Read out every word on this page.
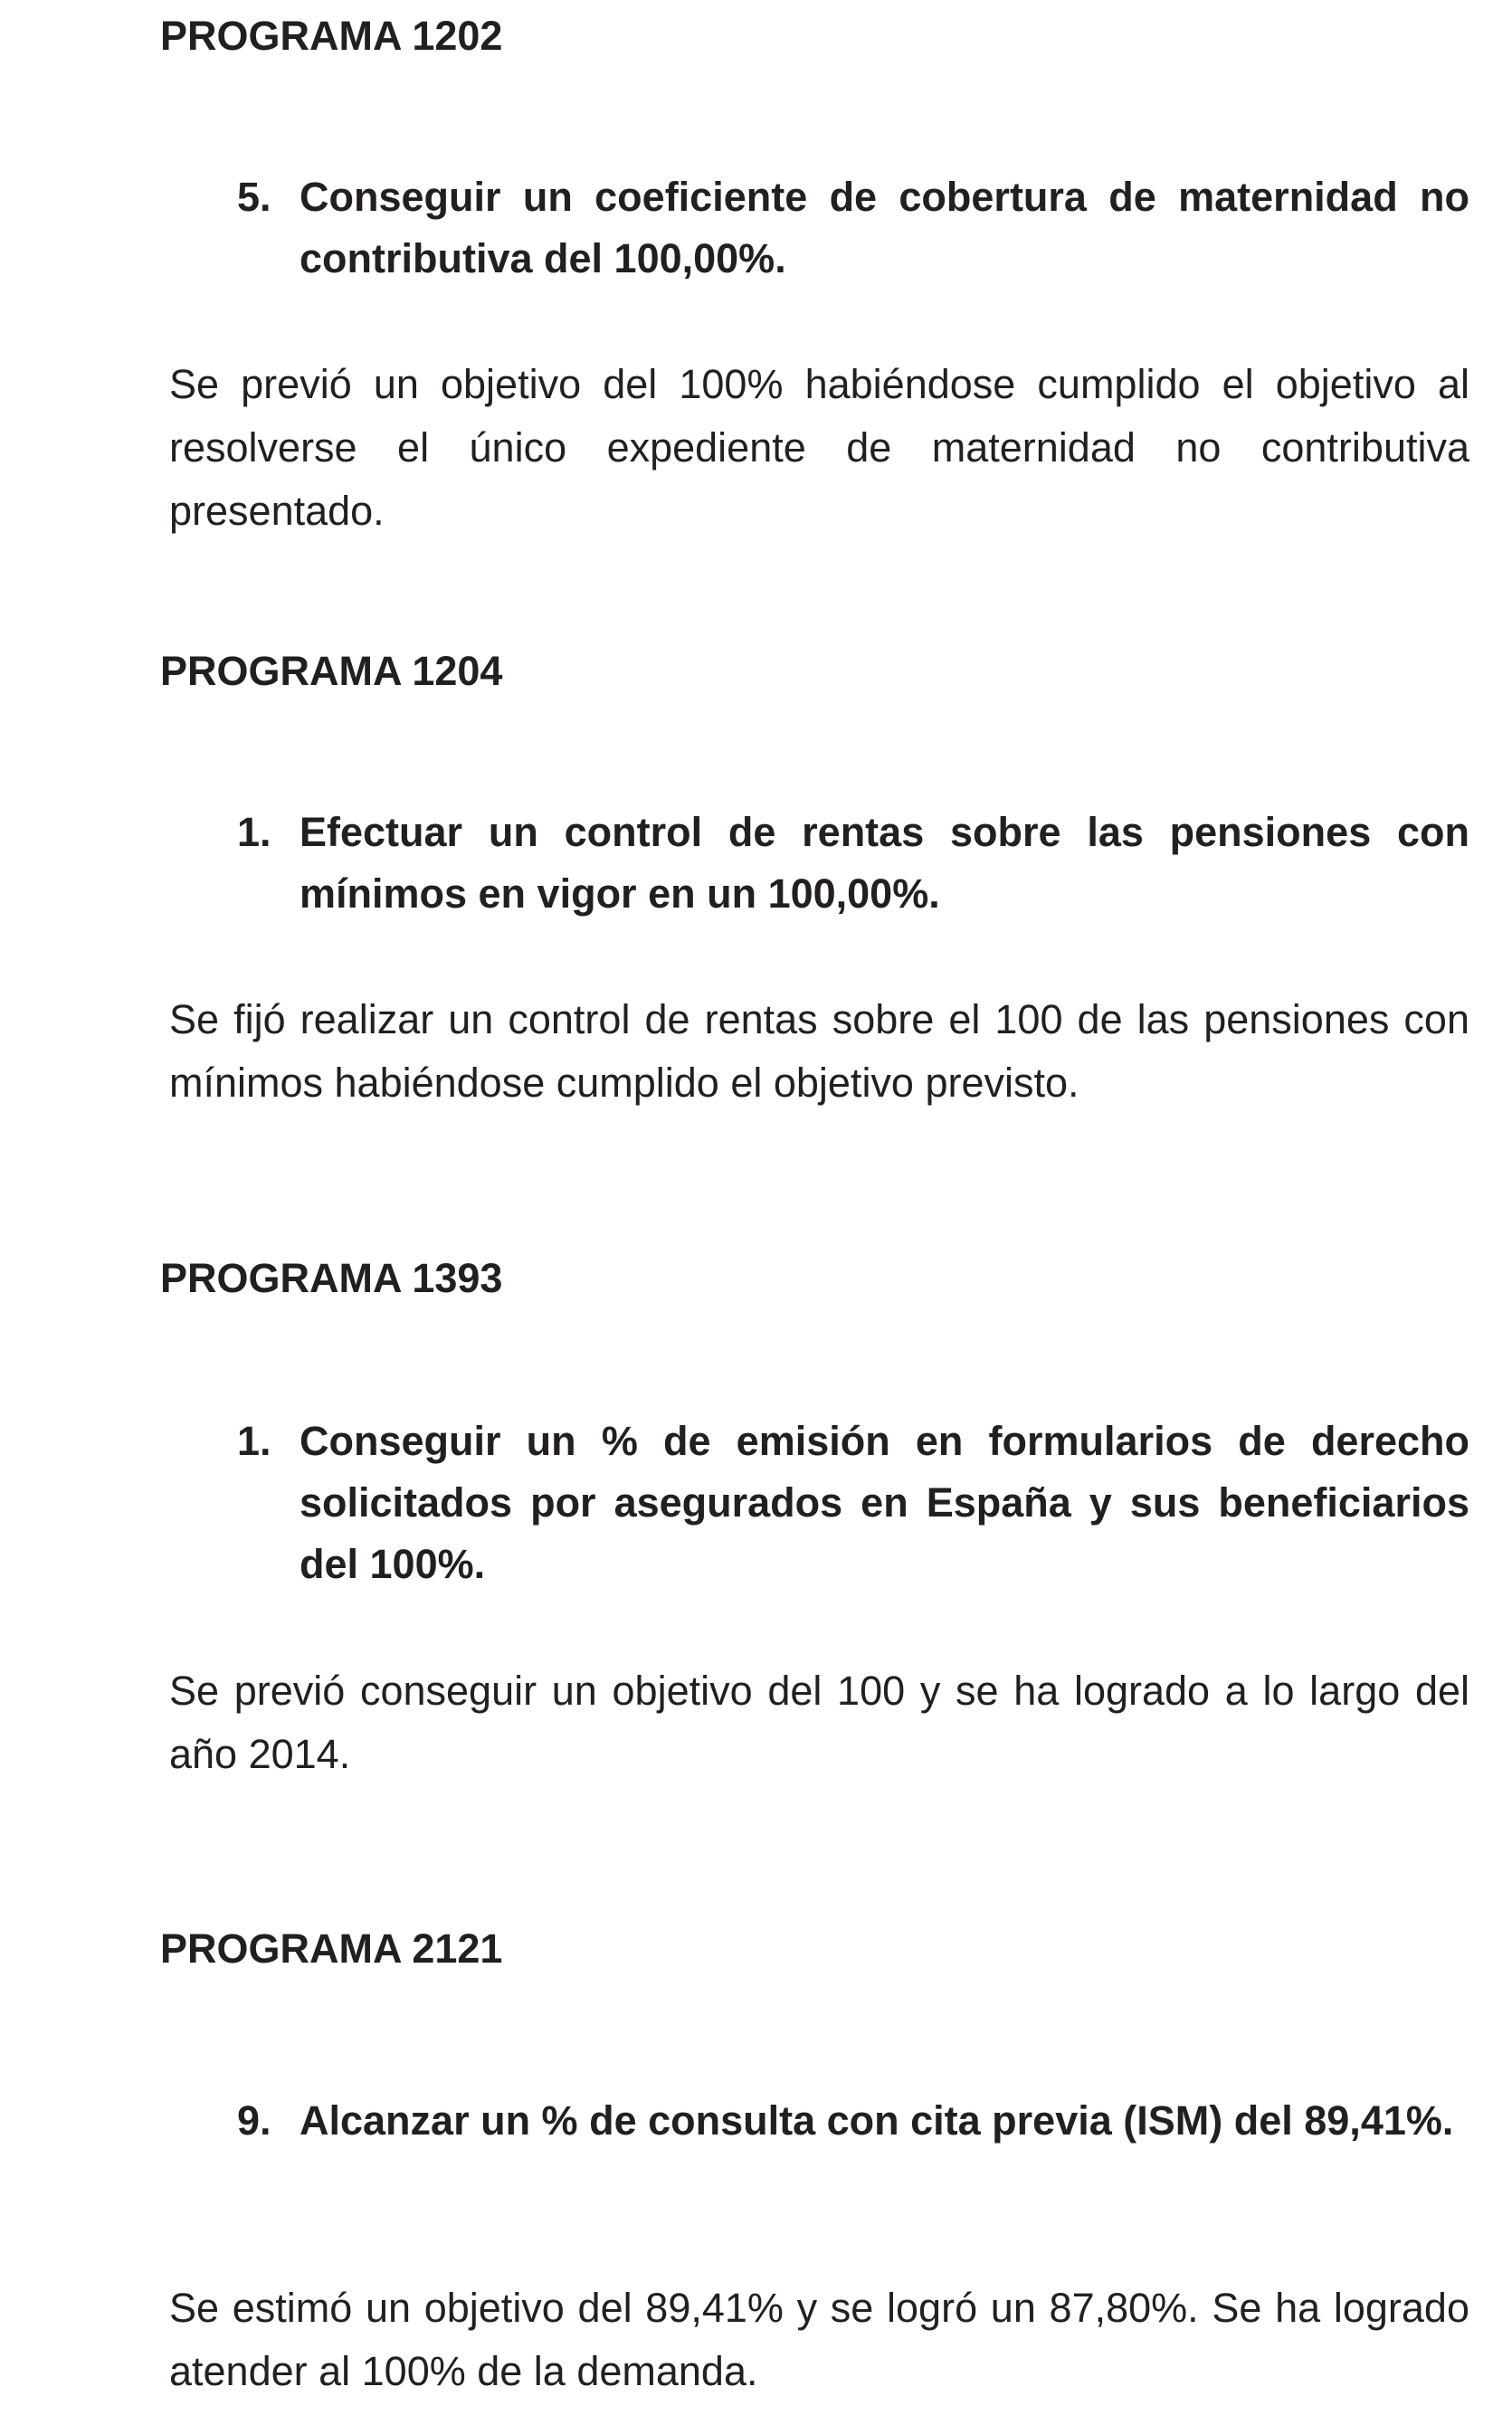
PROGRAMA 1202
5. Conseguir un coeficiente de cobertura de maternidad no contributiva del 100,00%.

Se previó un objetivo del 100% habiéndose cumplido el objetivo al resolverse el único expediente de maternidad no contributiva presentado.

PROGRAMA 1204
1. Efectuar un control de rentas sobre las pensiones con mínimos en vigor en un 100,00%.

Se fijó realizar un control de rentas sobre el 100 de las pensiones con mínimos habiéndose cumplido el objetivo previsto.

PROGRAMA 1393
1. Conseguir un % de emisión en formularios de derecho solicitados por asegurados en España y sus beneficiarios del 100%.

Se previó conseguir un objetivo del 100 y se ha logrado a lo largo del año 2014.

PROGRAMA 2121
9. Alcanzar un % de consulta con cita previa (ISM) del 89,41%.

Se estimó un objetivo del 89,41% y se logró un 87,80%. Se ha logrado atender al 100% de la demanda.
